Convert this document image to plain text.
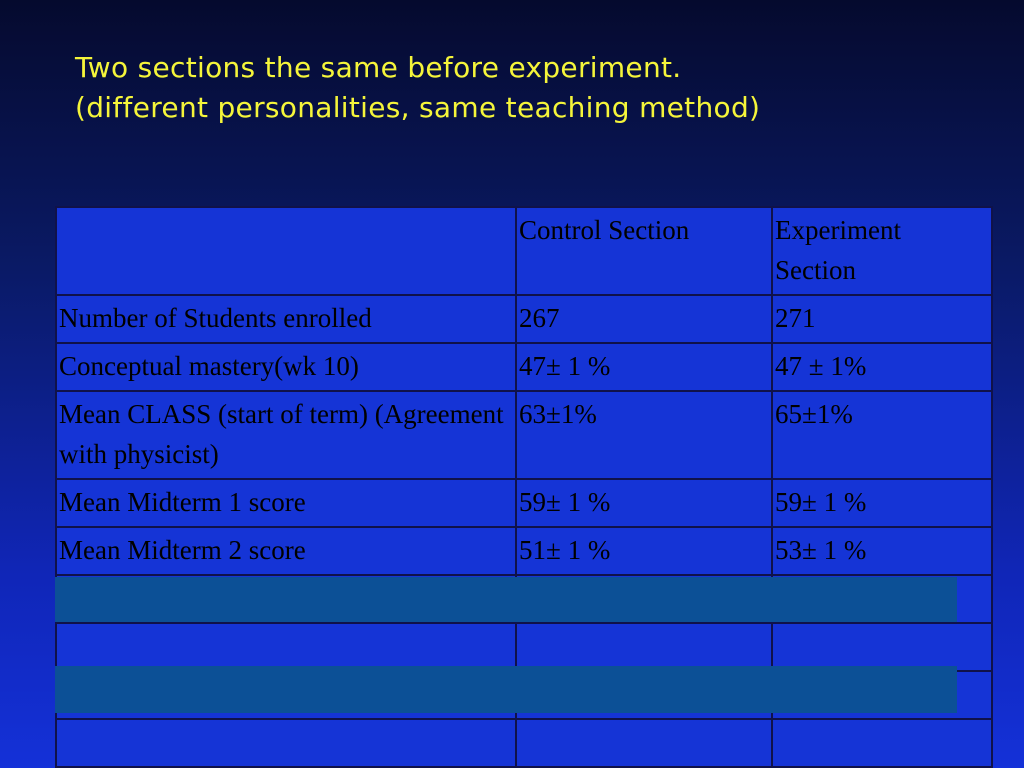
Two sections the same before experiment.
(different personalities, same teaching method)
	Control Section	Experiment Section
Number of Students enrolled	267	271
Conceptual mastery(wk 10)	47± 1 %	47 ± 1%
Mean CLASS (start of term) (Agreement with physicist)	63±1%	65±1%
Mean Midterm 1 score	59± 1 %	59± 1 %
Mean Midterm 2 score	51± 1 %	53± 1 %
